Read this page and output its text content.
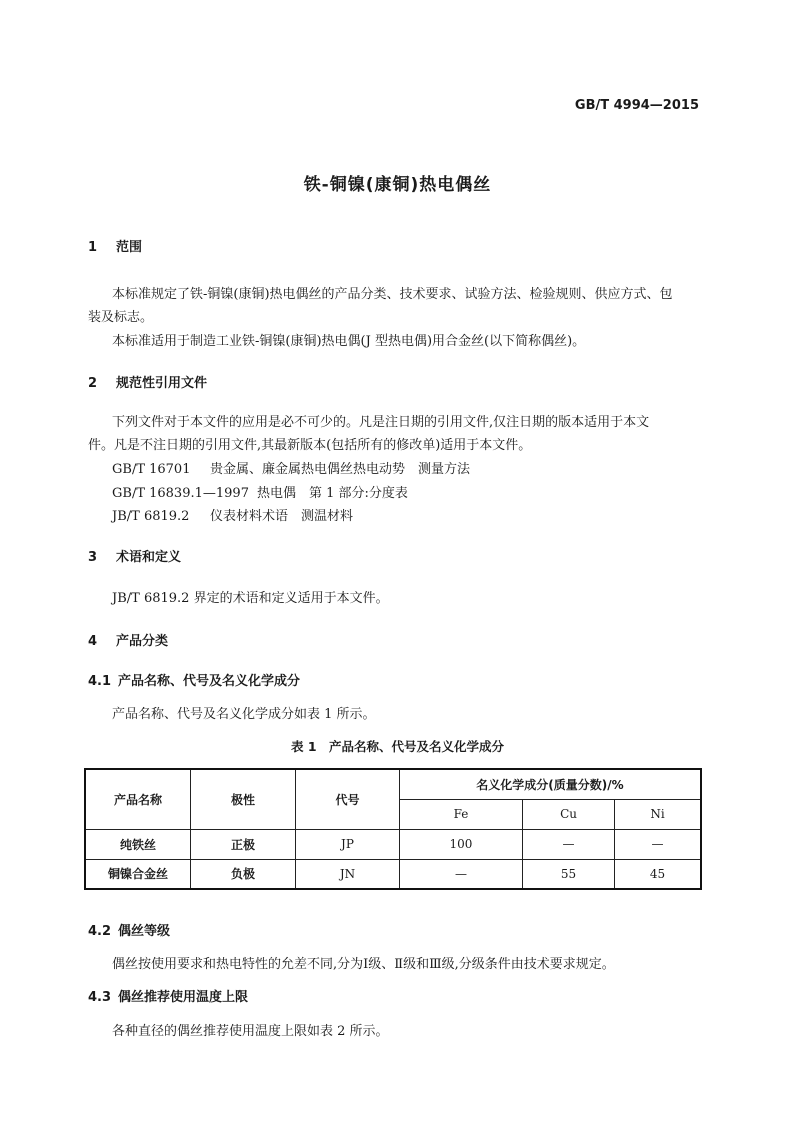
GB/T 4994—2015
铁-铜镍(康铜)热电偶丝
1 范围
本标准规定了铁-铜镍(康铜)热电偶丝的产品分类、技术要求、试验方法、检验规则、供应方式、包
装及标志。
本标准适用于制造工业铁-铜镍(康铜)热电偶(J 型热电偶)用合金丝(以下简称偶丝)。
2 规范性引用文件
下列文件对于本文件的应用是必不可少的。凡是注日期的引用文件,仅注日期的版本适用于本文
件。凡是不注日期的引用文件,其最新版本(包括所有的修改单)适用于本文件。
GB/T 16701 贵金属、廉金属热电偶丝热电动势　测量方法
GB/T 16839.1—1997 热电偶　第 1 部分:分度表
JB/T 6819.2 仪表材料术语　测温材料
3 术语和定义
JB/T 6819.2 界定的术语和定义适用于本文件。
4 产品分类
4.1 产品名称、代号及名义化学成分
产品名称、代号及名义化学成分如表 1 所示。
表 1　产品名称、代号及名义化学成分
产品名称	极性	代号	名义化学成分(质量分数)/%		
			Fe	Cu	Ni
纯铁丝	正极	JP	100	—	—
铜镍合金丝	负极	JN	—	55	45
4.2 偶丝等级
偶丝按使用要求和热电特性的允差不同,分为Ⅰ级、Ⅱ级和Ⅲ级,分级条件由技术要求规定。
4.3 偶丝推荐使用温度上限
各种直径的偶丝推荐使用温度上限如表 2 所示。
